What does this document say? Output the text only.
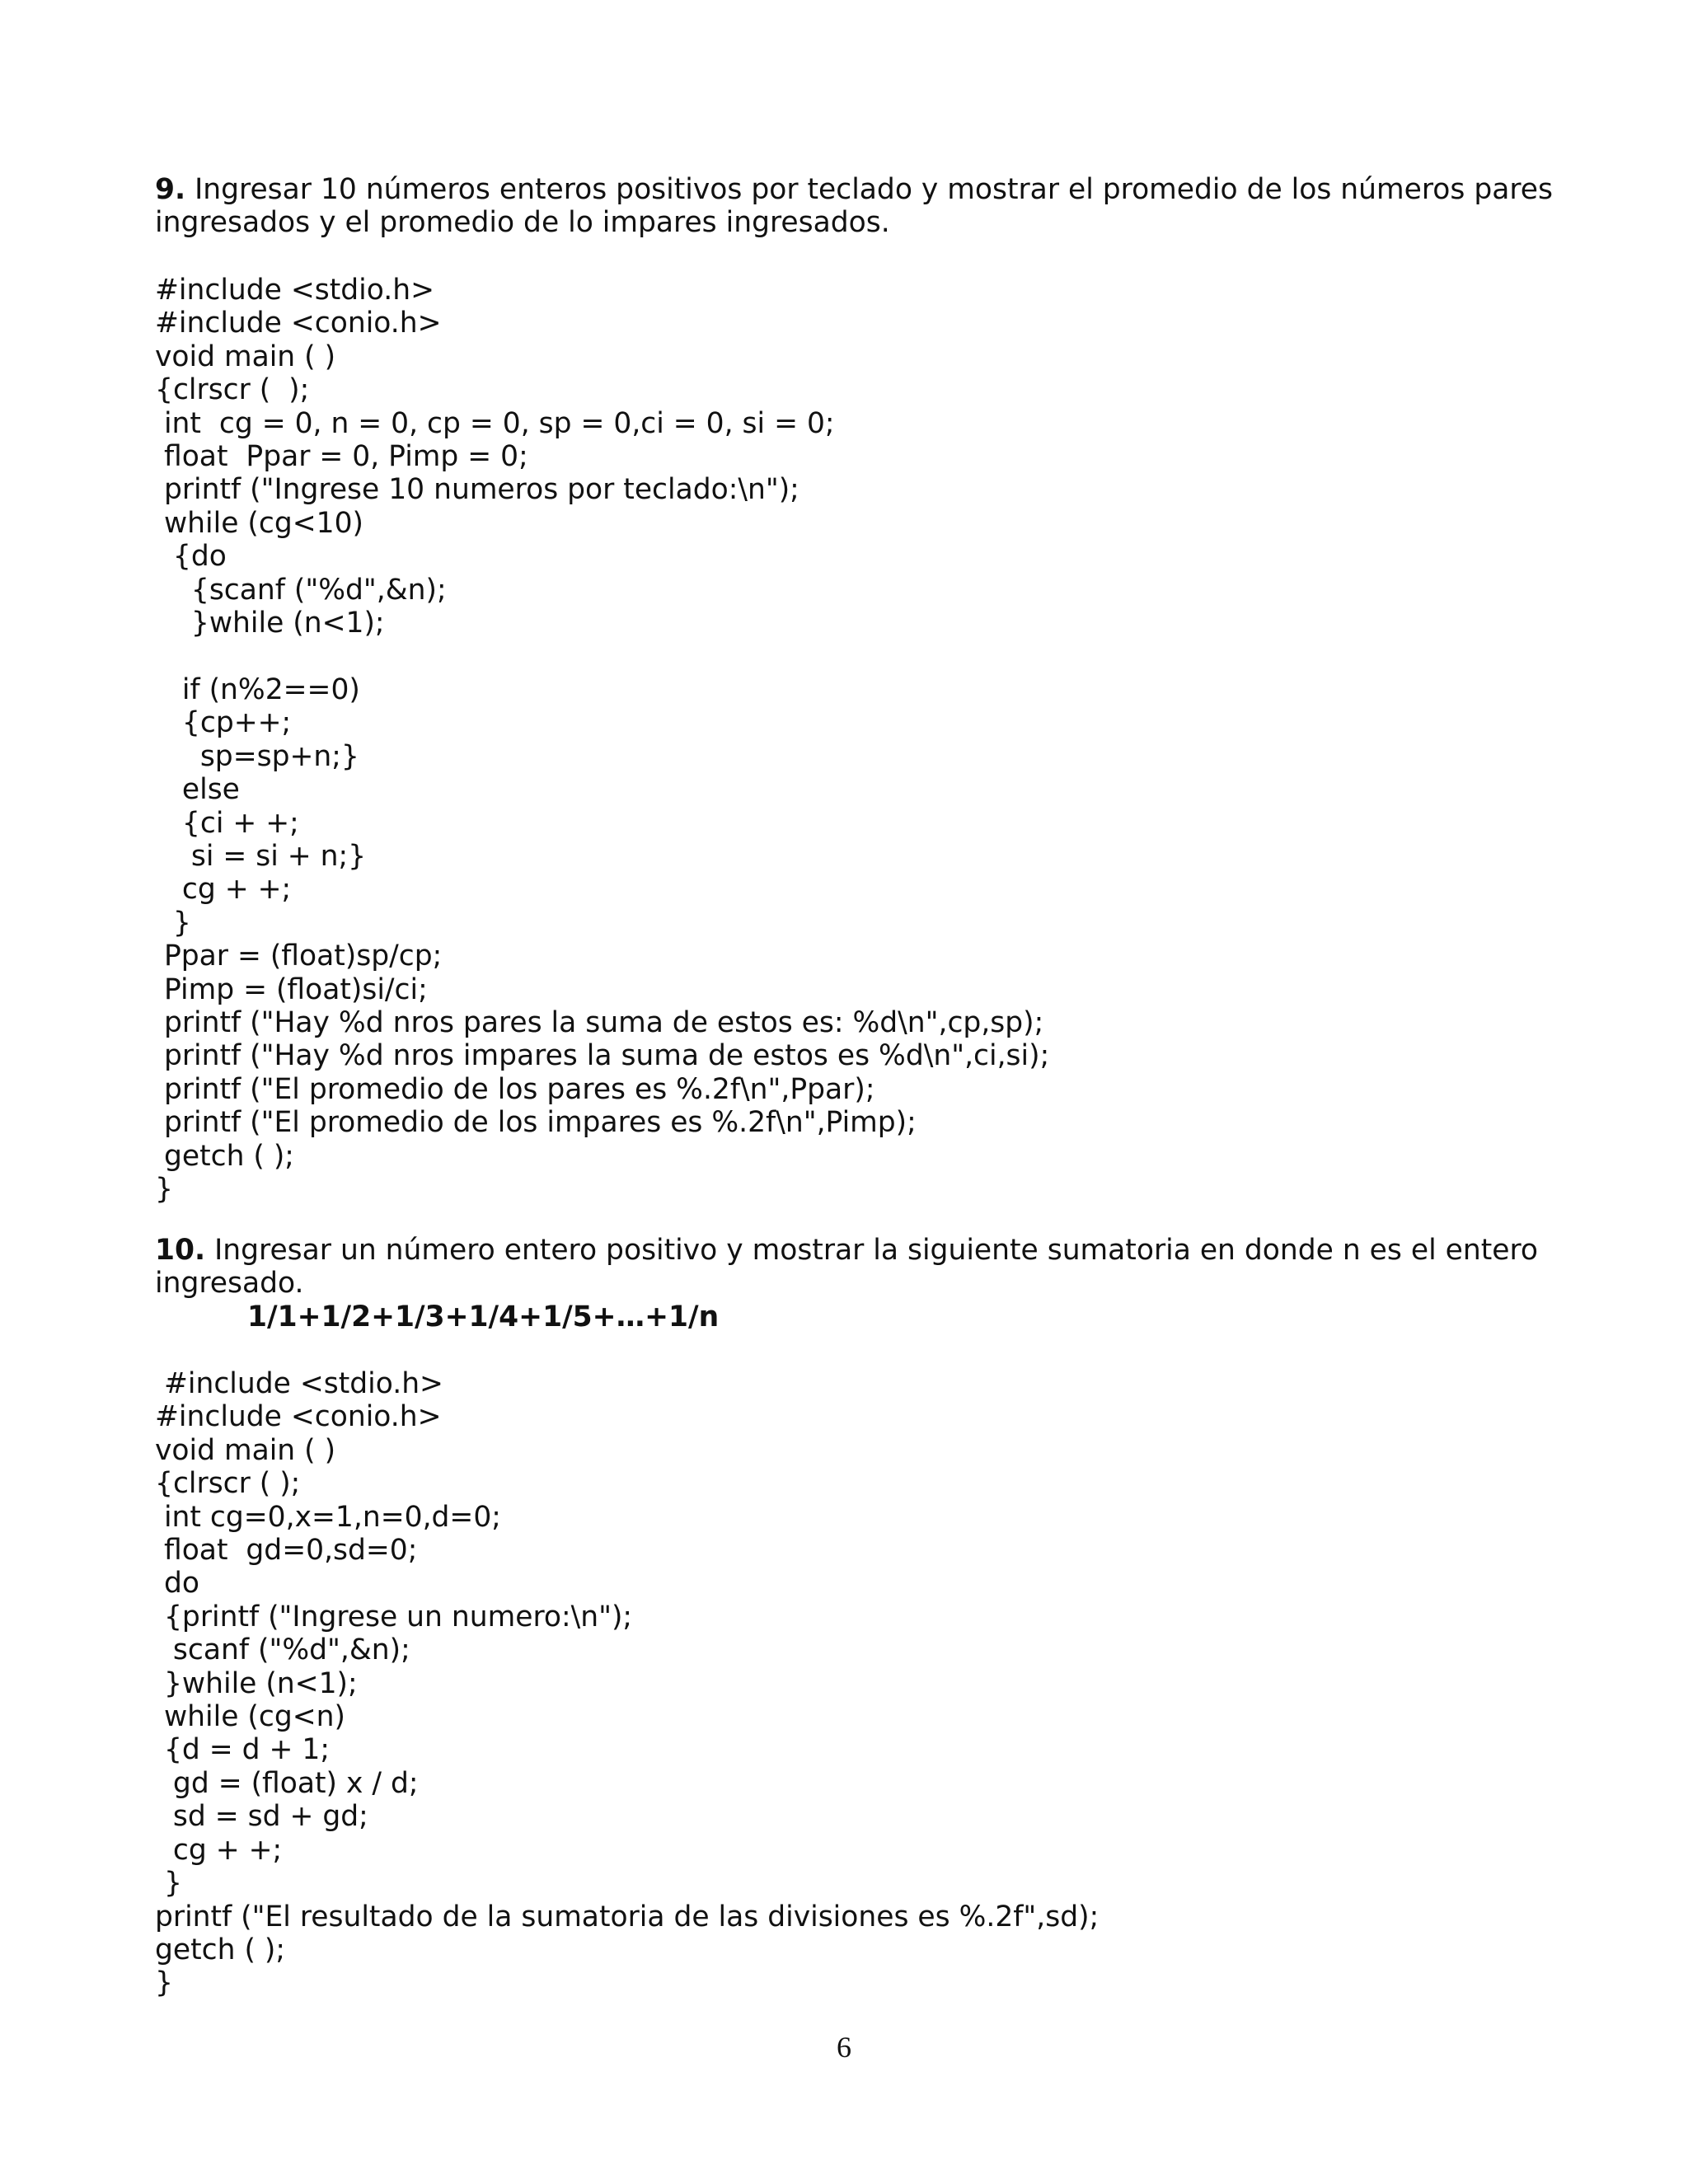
9. Ingresar 10 números enteros positivos por teclado y mostrar el promedio de los números pares ingresados y el promedio de lo impares ingresados.
#include <stdio.h>
#include <conio.h>
void main ( )
{clrscr (  );
int  cg = 0, n = 0, cp = 0, sp = 0,ci = 0, si = 0;
float  Ppar = 0, Pimp = 0;
printf ("Ingrese 10 numeros por teclado:\n");
while (cg<10)
{do
{scanf ("%d",&n);
}while (n<1);

if (n%2==0)
{cp++;
sp=sp+n;}
else
{ci + +;
si = si + n;}
cg + +;
}
Ppar = (float)sp/cp;
Pimp = (float)si/ci;
printf ("Hay %d nros pares la suma de estos es: %d\n",cp,sp);
printf ("Hay %d nros impares la suma de estos es %d\n",ci,si);
printf ("El promedio de los pares es %.2f\n",Ppar);
printf ("El promedio de los impares es %.2f\n",Pimp);
getch ( );
}
10. Ingresar un número entero positivo y mostrar la siguiente sumatoria en donde n es el entero ingresado.
1/1+1/2+1/3+1/4+1/5+…+1/n
#include <stdio.h>
#include <conio.h>
void main ( )
{clrscr ( );
int cg=0,x=1,n=0,d=0;
float  gd=0,sd=0;
do
{printf ("Ingrese un numero:\n");
scanf ("%d",&n);
}while (n<1);
while (cg<n)
{d = d + 1;
gd = (float) x / d;
sd = sd + gd;
cg + +;
}
printf ("El resultado de la sumatoria de las divisiones es %.2f",sd);
getch ( );
}
6
